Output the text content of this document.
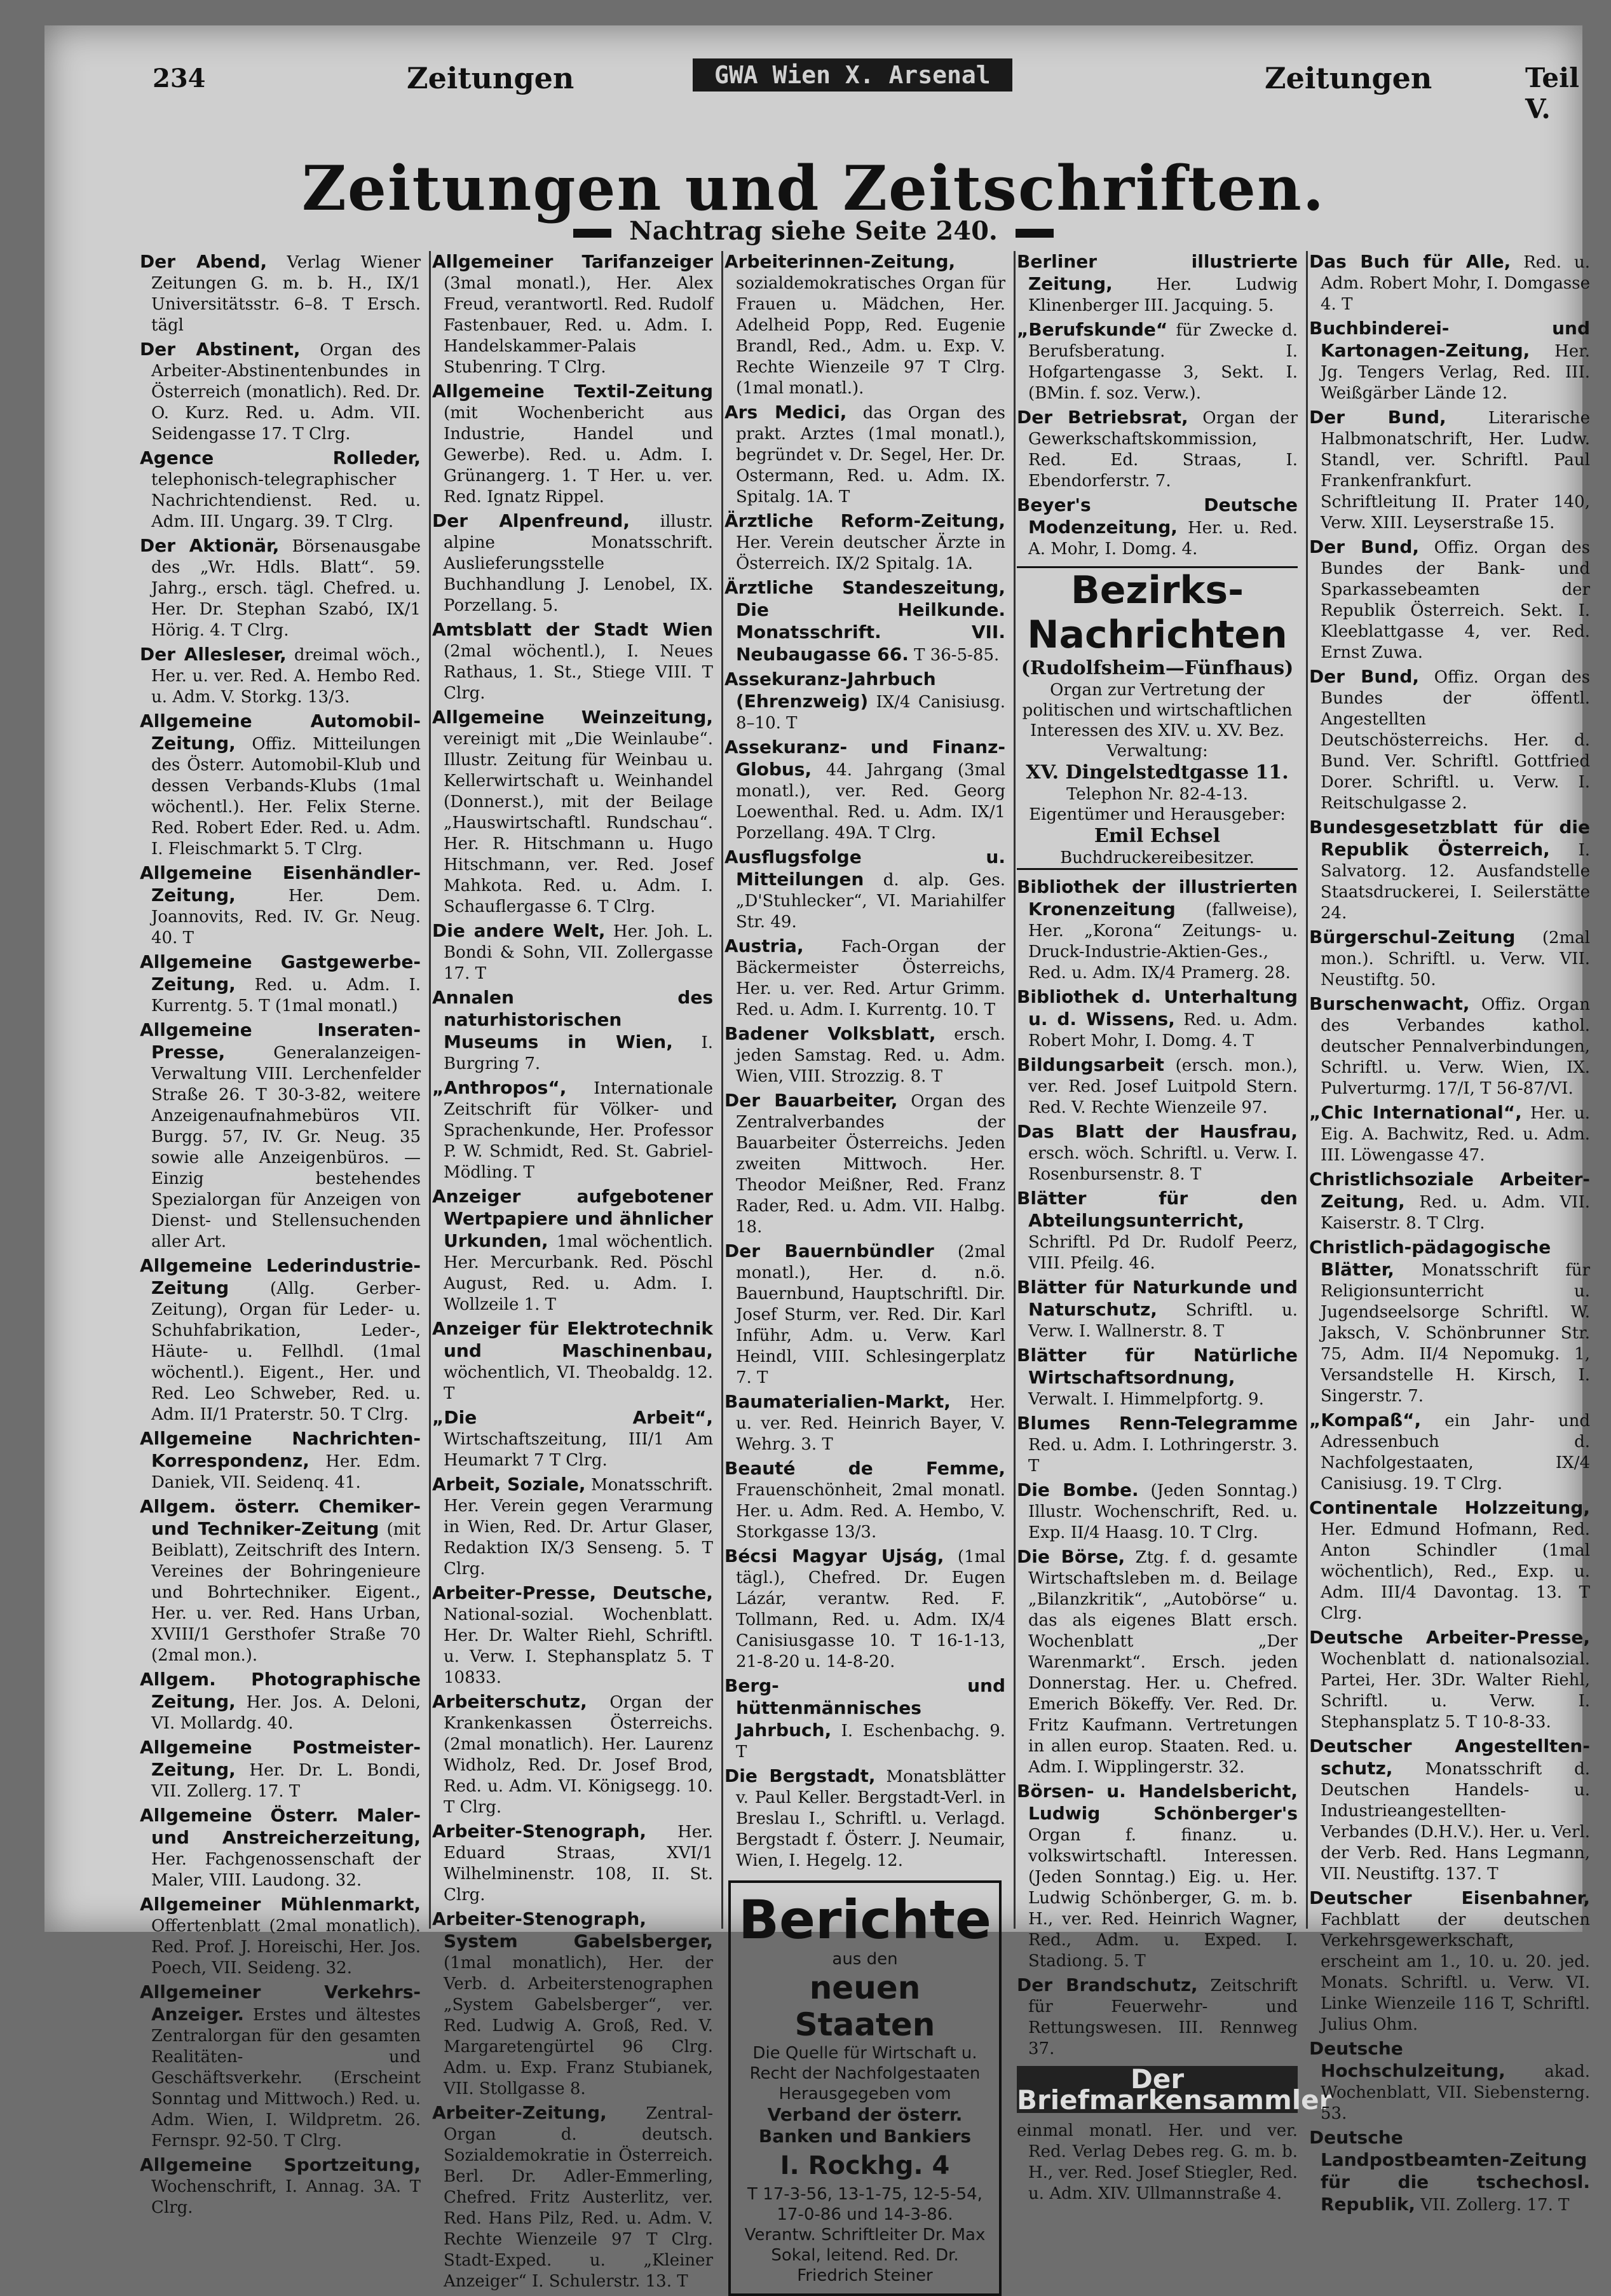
234	Zeitungen	GWA Wien X. Arsenal	Zeitungen	Teil V.
Zeitungen und Zeitschriften.
Nachtrag siehe Seite 240.

Der Abend, Verlag Wiener Zeitungen G. m. b. H., IX/1 Universitätsstr. 6–8. T Ersch. tägl

Der Abstinent, Organ des Arbeiter-Abstinentenbundes in Österreich (monatlich). Red. Dr. O. Kurz. Red. u. Adm. VII. Seidengasse 17. T Clrg.

Agence Rolleder, telephonisch-telegraphischer Nachrichtendienst. Red. u. Adm. III. Ungarg. 39. T Clrg.

Der Aktionär, Börsenausgabe des „Wr. Hdls. Blatt“. 59. Jahrg., ersch. tägl. Chefred. u. Her. Dr. Stephan Szabó, IX/1 Hörig. 4. T Clrg.

Der Allesleser, dreimal wöch., Her. u. ver. Red. A. Hembo Red. u. Adm. V. Storkg. 13/3.

Allgemeine Automobil-Zeitung, Offiz. Mitteilungen des Österr. Automobil-Klub und dessen Verbands-Klubs (1mal wöchentl.). Her. Felix Sterne. Red. Robert Eder. Red. u. Adm. I. Fleischmarkt 5. T Clrg.

Allgemeine Eisenhändler-Zeitung,	Her. Dem. Joannovits, Red. IV. Gr. Neug. 40. T

Allgemeine Gastgewerbe-Zeitung, Red. u. Adm. I. Kurrentg. 5. T (1mal monatl.)

Allgemeine Inseraten-Presse,	Generalanzeigen-Verwaltung VIII. Lerchenfelder Straße 26. T 30-3-82, weitere Anzeigenaufnahmebüros VII. Burgg. 57, IV. Gr. Neug. 35 sowie alle Anzeigenbüros. — Einzig bestehendes Spezialorgan für Anzeigen von Dienst- und Stellensuchenden aller Art.

Allgemeine Lederindustrie-Zeitung (Allg. Gerber-Zeitung), Organ für Leder- u. Schuhfabrikation, Leder-, Häute- u. Fellhdl. (1mal wöchentl.). Eigent., Her. und Red. Leo Schweber, Red. u. Adm. II/1 Praterstr. 50. T Clrg.

Allgemeine Nachrichten-Korrespondenz, Her. Edm. Daniek, VII. Seidenq. 41.

Allgem. österr. Chemiker- und Techniker-Zeitung (mit Beiblatt), Zeitschrift des Intern. Vereines der Bohringenieure und Bohrtechniker. Eigent., Her. u. ver. Red. Hans Urban, XVIII/1 Gersthofer Straße 70 (2mal mon.).

Allgem. Photographische Zeitung, Her. Jos. A. Deloni, VI. Mollardg. 40.

Allgemeine Postmeister-Zeitung, Her. Dr. L. Bondi, VII. Zollerg. 17. T

Allgemeine Österr. Maler- und Anstreicherzeitung, Her. Fachgenossenschaft der Maler, VIII. Laudong. 32.

Allgemeiner Mühlenmarkt, Offertenblatt (2mal monatlich). Red. Prof. J. Horeischi, Her. Jos. Poech, VII. Seideng. 32.

Allgemeiner Verkehrs-Anzeiger. Erstes und ältestes Zentralorgan für den gesamten Realitäten- und Geschäftsverkehr. (Erscheint Sonntag und Mittwoch.) Red. u. Adm. Wien, I. Wildpretm. 26. Fernspr. 92-50. T Clrg.

Allgemeine Sportzeitung, Wochenschrift, I. Annag. 3A. T Clrg.

Allgemeiner Tarifanzeiger (3mal monatl.), Her. Alex Freud, verantwortl. Red. Rudolf Fastenbauer, Red. u. Adm. I. Handelskammer-Palais Stubenring. T Clrg.

Allgemeine Textil-Zeitung (mit Wochenbericht aus Industrie, Handel und Gewerbe). Red. u. Adm. I. Grünangerg. 1. T Her. u. ver. Red. Ignatz Rippel.

Der Alpenfreund, illustr. alpine Monatsschrift. Auslieferungsstelle Buchhandlung J. Lenobel, IX. Porzellang. 5.

Amtsblatt der Stadt Wien (2mal wöchentl.), I. Neues Rathaus, 1. St., Stiege VIII. T Clrg.

Allgemeine Weinzeitung, vereinigt mit „Die Weinlaube“. Illustr. Zeitung für Weinbau u. Kellerwirtschaft u. Weinhandel (Donnerst.), mit der Beilage „Hauswirtschaftl. Rundschau“. Her. R. Hitschmann u. Hugo Hitschmann, ver. Red. Josef Mahkota. Red. u. Adm. I. Schauflergasse 6. T Clrg.

Die andere Welt, Her. Joh. L. Bondi & Sohn, VII. Zollergasse 17. T

Annalen des naturhistorischen Museums in Wien, I. Burgring 7.

„Anthropos“, Internationale Zeitschrift für Völker- und Sprachenkunde, Her. Professor P. W. Schmidt, Red. St. Gabriel-Mödling. T

Anzeiger aufgebotener Wertpapiere und ähnlicher Urkunden, 1mal wöchentlich. Her. Mercurbank. Red. Pöschl August, Red. u. Adm. I. Wollzeile 1. T

Anzeiger für Elektrotechnik und Maschinenbau, wöchentlich, VI. Theobaldg. 12. T

„Die Arbeit“, Wirtschaftszeitung, III/1 Am Heumarkt 7 T Clrg.

Arbeit, Soziale, Monatsschrift. Her. Verein gegen Verarmung in Wien, Red. Dr. Artur Glaser, Redaktion IX/3 Senseng. 5. T Clrg.

Arbeiter-Presse, Deutsche, National-sozial. Wochenblatt. Her. Dr. Walter Riehl, Schriftl. u. Verw. I. Stephansplatz 5. T 10833.

Arbeiterschutz, Organ der Krankenkassen Österreichs. (2mal monatlich). Her. Laurenz Widholz, Red. Dr. Josef Brod, Red. u. Adm. VI. Königsegg. 10. T Clrg.

Arbeiter-Stenograph, Her. Eduard Straas, XVI/1 Wilhelminenstr. 108, II. St. Clrg.

Arbeiter-Stenograph, System Gabelsberger, (1mal monatlich), Her. der Verb. d. Arbeiterstenographen „System Gabelsberger“, ver. Red. Ludwig A. Groß, Red. V. Margaretengürtel 96 Clrg. Adm. u. Exp. Franz Stubianek, VII. Stollgasse 8.

Arbeiter-Zeitung, Zentral-Organ d. deutsch. Sozialdemokratie in Österreich. Berl. Dr. Adler-Emmerling, Chefred. Fritz Austerlitz, ver. Red. Hans Pilz, Red. u. Adm. V. Rechte Wienzeile 97 T Clrg. Stadt-Exped. u. „Kleiner Anzeiger“ I. Schulerstr. 13. T

Arbeiterinnen-Zeitung, sozialdemokratisches Organ für Frauen u. Mädchen, Her. Adelheid Popp, Red. Eugenie Brandl, Red., Adm. u. Exp. V. Rechte Wienzeile 97 T Clrg. (1mal monatl.).

Ars Medici, das Organ des prakt. Arztes (1mal monatl.), begründet v. Dr. Segel, Her. Dr. Ostermann, Red. u. Adm. IX. Spitalg. 1A. T

Ärztliche Reform-Zeitung, Her. Verein deutscher Ärzte in Österreich. IX/2 Spitalg. 1A.

Ärztliche Standeszeitung, Die Heilkunde. Monatsschrift. VII. Neubaugasse 66. T 36-5-85.

Assekuranz-Jahrbuch (Ehrenzweig) IX/4 Canisiusg. 8–10. T

Assekuranz- und Finanz-Globus, 44. Jahrgang (3mal monatl.), ver. Red. Georg Loewenthal. Red. u. Adm. IX/1 Porzellang. 49A. T Clrg.

Ausflugsfolge u. Mitteilungen d. alp. Ges. „D'Stuhlecker“, VI. Mariahilfer Str. 49.

Austria, Fach-Organ der Bäckermeister Österreichs, Her. u. ver. Red. Artur Grimm. Red. u. Adm. I. Kurrentg. 10. T

Badener Volksblatt, ersch. jeden Samstag. Red. u. Adm. Wien, VIII. Strozzig. 8. T

Der Bauarbeiter, Organ des Zentralverbandes der Bauarbeiter Österreichs. Jeden zweiten Mittwoch. Her. Theodor Meißner, Red. Franz Rader, Red. u. Adm. VII. Halbg. 18.

Der Bauernbündler (2mal monatl.), Her. d. n.ö. Bauernbund, Hauptschriftl. Dir. Josef Sturm, ver. Red. Dir. Karl Inführ, Adm. u. Verw. Karl Heindl, VIII. Schlesingerplatz 7. T

Baumaterialien-Markt, Her. u. ver. Red. Heinrich Bayer, V. Wehrg. 3. T

Beauté de Femme, Frauenschönheit, 2mal monatl. Her. u. Adm. Red. A. Hembo, V. Storkgasse 13/3.

Bécsi Magyar Ujság, (1mal tägl.), Chefred. Dr. Eugen Lázár, verantw. Red. F. Tollmann, Red. u. Adm. IX/4 Canisiusgasse 10. T 16-1-13, 21-8-20 u. 14-8-20.

Berg- und hüttenmännisches Jahrbuch, I. Eschenbachg. 9. T

Die Bergstadt, Monatsblätter v. Paul Keller. Bergstadt-Verl. in Breslau I., Schriftl. u. Verlagd. Bergstadt f. Österr. J. Neumair, Wien, I. Hegelg. 12.

Berichte
aus den
neuen Staaten
Die Quelle für Wirtschaft u. Recht der Nachfolgestaaten
Herausgegeben vom
Verband der österr. Banken und Bankiers
I. Rockhg. 4
T 17-3-56, 13-1-75, 12-5-54, 17-0-86 und 14-3-86.
Verantw. Schriftleiter Dr. Max Sokal, leitend. Red. Dr. Friedrich Steiner

Berliner illustrierte Zeitung,	Her. Ludwig Klinenberger III. Jacquing. 5.

„Berufskunde“ für Zwecke d. Berufsberatung. I. Hofgartengasse 3, Sekt. I. (BMin. f. soz. Verw.).

Der Betriebsrat, Organ der Gewerkschaftskommission, Red. Ed. Straas, I. Ebendorferstr. 7.

Beyer's Deutsche Modenzeitung, Her. u. Red. A. Mohr, I. Domg. 4.

Bezirks-Nachrichten
(Rudolfsheim—Fünfhaus)
Organ zur Vertretung der politischen und wirtschaftlichen Interessen des XIV. u. XV. Bez.
Verwaltung:
XV. Dingelstedtgasse 11.
Telephon Nr. 82-4-13.
Eigentümer und Herausgeber:
Emil Echsel
Buchdruckereibesitzer.

Bibliothek der illustrierten Kronenzeitung (fallweise), Her. „Korona“ Zeitungs- u. Druck-Industrie-Aktien-Ges., Red. u. Adm. IX/4 Pramerg. 28.

Bibliothek d. Unterhaltung u. d. Wissens, Red. u. Adm. Robert Mohr, I. Domg. 4. T

Bildungsarbeit (ersch. mon.), ver. Red. Josef Luitpold Stern. Red. V. Rechte Wienzeile 97.

Das Blatt der Hausfrau, ersch. wöch. Schriftl. u. Verw. I. Rosenbursenstr. 8. T

Blätter für den Abteilungsunterricht, Schriftl. Pd Dr. Rudolf Peerz, VIII. Pfeilg. 46.

Blätter für Naturkunde und Naturschutz, Schriftl. u. Verw. I. Wallnerstr. 8. T

Blätter für Natürliche Wirtschaftsordnung, Verwalt. I. Himmelpfortg. 9.

Blumes Renn-Telegramme Red. u. Adm. I. Lothringerstr. 3. T

Die Bombe. (Jeden Sonntag.) Illustr. Wochenschrift, Red. u. Exp. II/4 Haasg. 10. T Clrg.

Die Börse, Ztg. f. d. gesamte Wirtschaftsleben m. d. Beilage „Bilanzkritik“, „Autobörse“ u. das als eigenes Blatt ersch. Wochenblatt „Der Warenmarkt“. Ersch. jeden Donnerstag. Her. u. Chefred. Emerich Bökeffy. Ver. Red. Dr. Fritz Kaufmann. Vertretungen in allen europ. Staaten. Red. u. Adm. I. Wipplingerstr. 32.

Börsen- u. Handelsbericht, Ludwig Schönberger's Organ f. finanz. u. volkswirtschaftl. Interessen. (Jeden Sonntag.) Eig. u. Her. Ludwig Schönberger, G. m. b. H., ver. Red. Heinrich Wagner, Red., Adm. u. Exped. I. Stadiong. 5. T

Der Brandschutz, Zeitschrift für Feuerwehr- und Rettungswesen. III. Rennweg 37.

Der Briefmarkensammler

einmal monatl. Her. und ver. Red. Verlag Debes reg. G. m. b. H., ver. Red. Josef Stiegler, Red. u. Adm. XIV. Ullmannstraße 4.

Das Buch für Alle, Red. u. Adm. Robert Mohr, I. Domgasse 4. T

Buchbinderei- und Kartonagen-Zeitung, Her. Jg. Tengers Verlag, Red. III. Weißgärber Lände 12.

Der Bund,	Literarische Halbmonatschrift, Her. Ludw. Standl, ver. Schriftl. Paul Frankenfrankfurt. Schriftleitung II. Prater 140, Verw. XIII. Leyserstraße 15.

Der Bund, Offiz. Organ des Bundes der Bank- und Sparkassebeamten der Republik Österreich. Sekt. I. Kleeblattgasse 4, ver. Red. Ernst Zuwa.

Der Bund, Offiz. Organ des Bundes der öffentl. Angestellten Deutschösterreichs. Her. d. Bund. Ver. Schriftl. Gottfried Dorer. Schriftl. u. Verw. I. Reitschulgasse 2.

Bundesgesetzblatt für die Republik Österreich, I. Salvatorg. 12. Ausfandstelle Staatsdruckerei, I. Seilerstätte 24.

Bürgerschul-Zeitung (2mal mon.). Schriftl. u. Verw. VII. Neustiftg. 50.

Burschenwacht, Offiz. Organ des Verbandes kathol. deutscher Pennalverbindungen, Schriftl. u. Verw. Wien, IX. Pulverturmg. 17/I, T 56-87/VI.

„Chic International“, Her. u. Eig. A. Bachwitz, Red. u. Adm. III. Löwengasse 47.

Christlichsoziale Arbeiter-Zeitung, Red. u. Adm. VII. Kaiserstr. 8. T Clrg.

Christlich-pädagogische Blätter, Monatsschrift für Religionsunterricht u. Jugendseelsorge Schriftl. W. Jaksch, V. Schönbrunner Str. 75, Adm. II/4 Nepomukg. 1, Versandstelle H. Kirsch, I. Singerstr. 7.

„Kompaß“, ein Jahr- und Adressenbuch d. Nachfolgestaaten, IX/4 Canisiusg. 19. T Clrg.

Continentale Holzzeitung, Her. Edmund Hofmann, Red. Anton Schindler (1mal wöchentlich), Red., Exp. u. Adm. III/4 Davontag. 13. T Clrg.

Deutsche Arbeiter-Presse, Wochenblatt d. nationalsozial. Partei, Her. 3Dr. Walter Riehl, Schriftl. u. Verw. I. Stephansplatz 5. T 10-8-33.

Deutscher Angestellten-schutz, Monatsschrift d. Deutschen Handels- u. Industrieangestellten-Verbandes (D.H.V.). Her. u. Verl. der Verb. Red. Hans Legmann, VII. Neustiftg. 137. T

Deutscher Eisenbahner, Fachblatt der deutschen Verkehrsgewerkschaft, erscheint am 1., 10. u. 20. jed. Monats. Schriftl. u. Verw. VI. Linke Wienzeile 116 T, Schriftl. Julius Ohm.

Deutsche Hochschulzeitung, akad. Wochenblatt, VII. Siebensterng. 53.

Deutsche Landpostbeamten-Zeitung für die tschechosl. Republik, VII. Zollerg. 17. T
